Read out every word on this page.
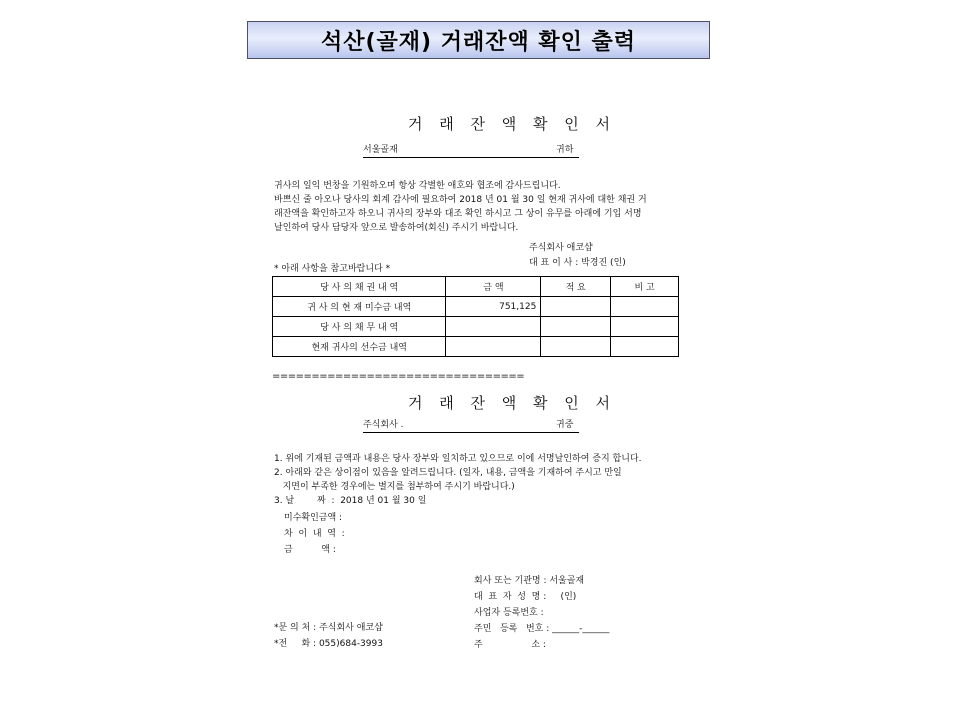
석산(골재) 거래잔액 확인 출력
거 래 잔 액 확 인 서
서울골재	귀하
귀사의 일익 번창을 기원하오며 항상 각별한 애호와 협조에 감사드립니다.
바쁘신 줄 아오나 당사의 회계 감사에 필요하여 2018 년 01 월 30 일 현재 귀사에 대한 채권 거
래잔액을 확인하고자 하오니 귀사의 장부와 대조 확인 하시고 그 상이 유무를 아래에 기입 서명
날인하여 당사 담당자 앞으로 발송하여(회신) 주시기 바랍니다.
주식회사 애코샵
대 표 이 사 : 박경진 (인)
* 아래 사항을 참고바랍니다 *
당 사 의 채 권 내 역	금 액	적 요	비 고
귀 사 의 현 재 미수금 내역	751,125		
당 사 의 채 무 내 역			
현재 귀사의 선수금 내역			
================================
거 래 잔 액 확 인 서
주식회사 .	귀중
1. 위에 기재된 금액과 내용은 당사 장부와 일치하고 있으므로 이에 서명날인하여 증지 합니다.
2. 아래와 같은 상이점이 있음을 알려드립니다. (일자, 내용, 금액을 기재하여 주시고 만일
지면이 부족한 경우에는 별지를 첨부하여 주시기 바랍니다.)
3. 날        짜  :  2018 년 01 월 30 일
미수확인금액 :
차  이  내  역  :
금          액 :
회사 또는 기관명 : 서울골재
대  표  자  성  명 :     (인)
사업자 등록번호 :
주민   등록   번호 : ______-______
주                 소 :
*문 의 처 : 주식회사 애코샵
*전     화 : 055)684-3993
